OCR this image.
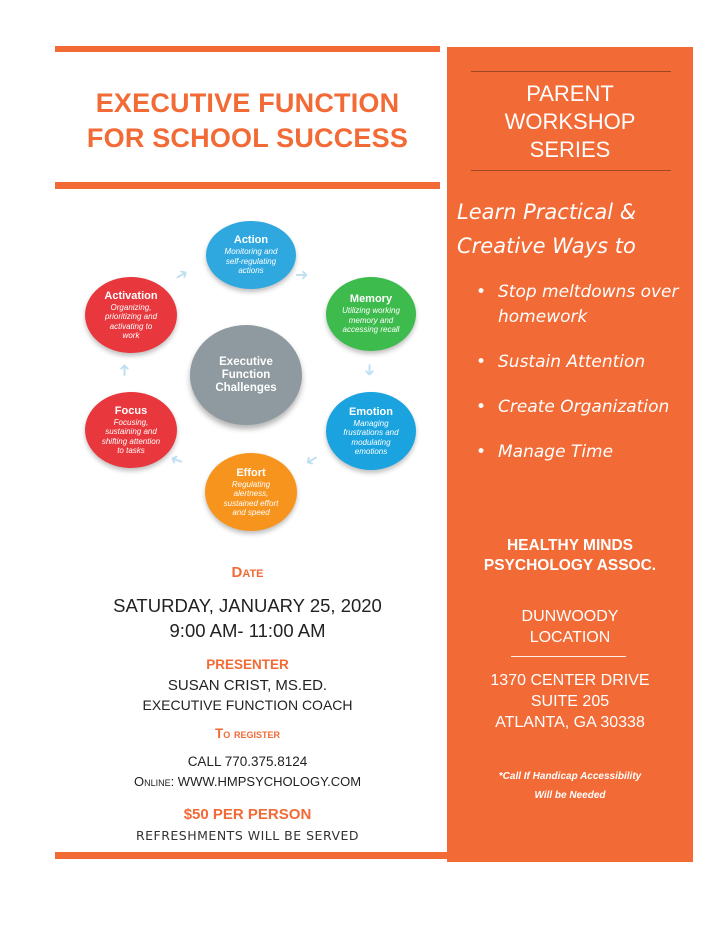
EXECUTIVE FUNCTION
FOR SCHOOL SUCCESS
PARENT
WORKSHOP
SERIES
Learn Practical &
Creative Ways to
• Stop meltdowns over homework
• Sustain Attention
• Create Organization
• Manage Time
HEALTHY MINDS
PSYCHOLOGY ASSOC.
DUNWOODY
LOCATION
1370 CENTER DRIVE
SUITE 205
ATLANTA, GA 30338
*Call If Handicap Accessibility
Will be Needed
➜
➜
➜
➜
➜
➜
Executive
Function
Challenges
Action
Monitoring and
self-regulating
actions
Memory
Utilizing working
memory and
accessing recall
Emotion
Managing
frustrations and
modulating
emotions
Effort
Regulating
alertness,
sustained effort
and speed
Focus
Focusing,
sustaining and
shifting attention
to tasks
Activation
Organizing,
prioritizing and
activating to
work
Date
SATURDAY, JANUARY 25, 2020
9:00 AM- 11:00 AM
PRESENTER
SUSAN CRIST, MS.ED.
EXECUTIVE FUNCTION COACH
To register
CALL 770.375.8124
Online: WWW.HMPSYCHOLOGY.COM
$50 PER PERSON
REFRESHMENTS WILL BE SERVED
